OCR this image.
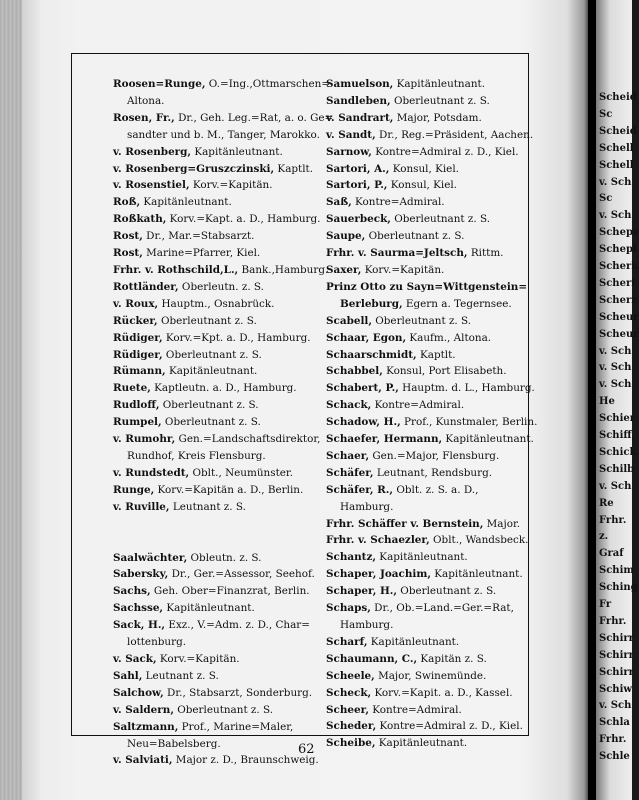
Roosen=Runge, O.=Ing.,Ottmarschen=

Altona.

Rosen, Fr., Dr., Geh. Leg.=Rat, a. o. Ge=

sandter und b. M., Tanger, Marokko.

v. Rosenberg, Kapitänleutnant.

v. Rosenberg=Gruszczinski, Kaptlt.

v. Rosenstiel, Korv.=Kapitän.

Roß, Kapitänleutnant.

Roßkath, Korv.=Kapt. a. D., Hamburg.

Rost, Dr., Mar.=Stabsarzt.

Rost, Marine=Pfarrer, Kiel.

Frhr. v. Rothschild,L., Bank.,Hamburg.

Rottländer, Oberleutn. z. S.

v. Roux, Hauptm., Osnabrück.

Rücker, Oberleutnant z. S.

Rüdiger, Korv.=Kpt. a. D., Hamburg.

Rüdiger, Oberleutnant z. S.

Rümann, Kapitänleutnant.

Ruete, Kaptleutn. a. D., Hamburg.

Rudloff, Oberleutnant z. S.

Rumpel, Oberleutnant z. S.

v. Rumohr, Gen.=Landschaftsdirektor,

Rundhof, Kreis Flensburg.

v. Rundstedt, Oblt., Neumünster.

Runge, Korv.=Kapitän a. D., Berlin.

v. Ruville, Leutnant z. S.

Saalwächter, Obleutn. z. S.

Sabersky, Dr., Ger.=Assessor, Seehof.

Sachs, Geh. Ober=Finanzrat, Berlin.

Sachsse, Kapitänleutnant.

Sack, H., Exz., V.=Adm. z. D., Char=

lottenburg.

v. Sack, Korv.=Kapitän.

Sahl, Leutnant z. S.

Salchow, Dr., Stabsarzt, Sonderburg.

v. Saldern, Oberleutnant z. S.

Saltzmann, Prof., Marine=Maler,

Neu=Babelsberg.

v. Salviati, Major z. D., Braunschweig.

Samuelson, Kapitänleutnant.

Sandleben, Oberleutnant z. S.

v. Sandrart, Major, Potsdam.

v. Sandt, Dr., Reg.=Präsident, Aachen.

Sarnow, Kontre=Admiral z. D., Kiel.

Sartori, A., Konsul, Kiel.

Sartori, P., Konsul, Kiel.

Saß, Kontre=Admiral.

Sauerbeck, Oberleutnant z. S.

Saupe, Oberleutnant z. S.

Frhr. v. Saurma=Jeltsch, Rittm.

Saxer, Korv.=Kapitän.

Prinz Otto zu Sayn=Wittgenstein=

Berleburg, Egern a. Tegernsee.

Scabell, Oberleutnant z. S.

Schaar, Egon, Kaufm., Altona.

Schaarschmidt, Kaptlt.

Schabbel, Konsul, Port Elisabeth.

Schabert, P., Hauptm. d. L., Hamburg.

Schack, Kontre=Admiral.

Schadow, H., Prof., Kunstmaler, Berlin.

Schaefer, Hermann, Kapitänleutnant.

Schaer, Gen.=Major, Flensburg.

Schäfer, Leutnant, Rendsburg.

Schäfer, R., Oblt. z. S. a. D.,

Hamburg.

Frhr. Schäffer v. Bernstein, Major.

Frhr. v. Schaezler, Oblt., Wandsbeck.

Schantz, Kapitänleutnant.

Schaper, Joachim, Kapitänleutnant.

Schaper, H., Oberleutnant z. S.

Schaps, Dr., Ob.=Land.=Ger.=Rat,

Hamburg.

Scharf, Kapitänleutnant.

Schaumann, C., Kapitän z. S.

Scheele, Major, Swinemünde.

Scheck, Korv.=Kapit. a. D., Kassel.

Scheer, Kontre=Admiral.

Scheder, Kontre=Admiral z. D., Kiel.

Scheibe, Kapitänleutnant.

62
Scheid
Sc
Scheid
Schell
Schell
v. Sch
Sc
v. Sch
Schepe
Schepl
Scherk
Scheri
Scherz
Scheur
Scheur
v. Sch
v. Sch
v. Sch
He
Schier
Schiff,
Schick
Schilb
v. Sch
Re
Frhr.
z.
Graf
Schim
Sching
Fr
Frhr.
Schirr
Schirr
Schirr
Schiw
v. Sch
Schla
Frhr.
Schle
